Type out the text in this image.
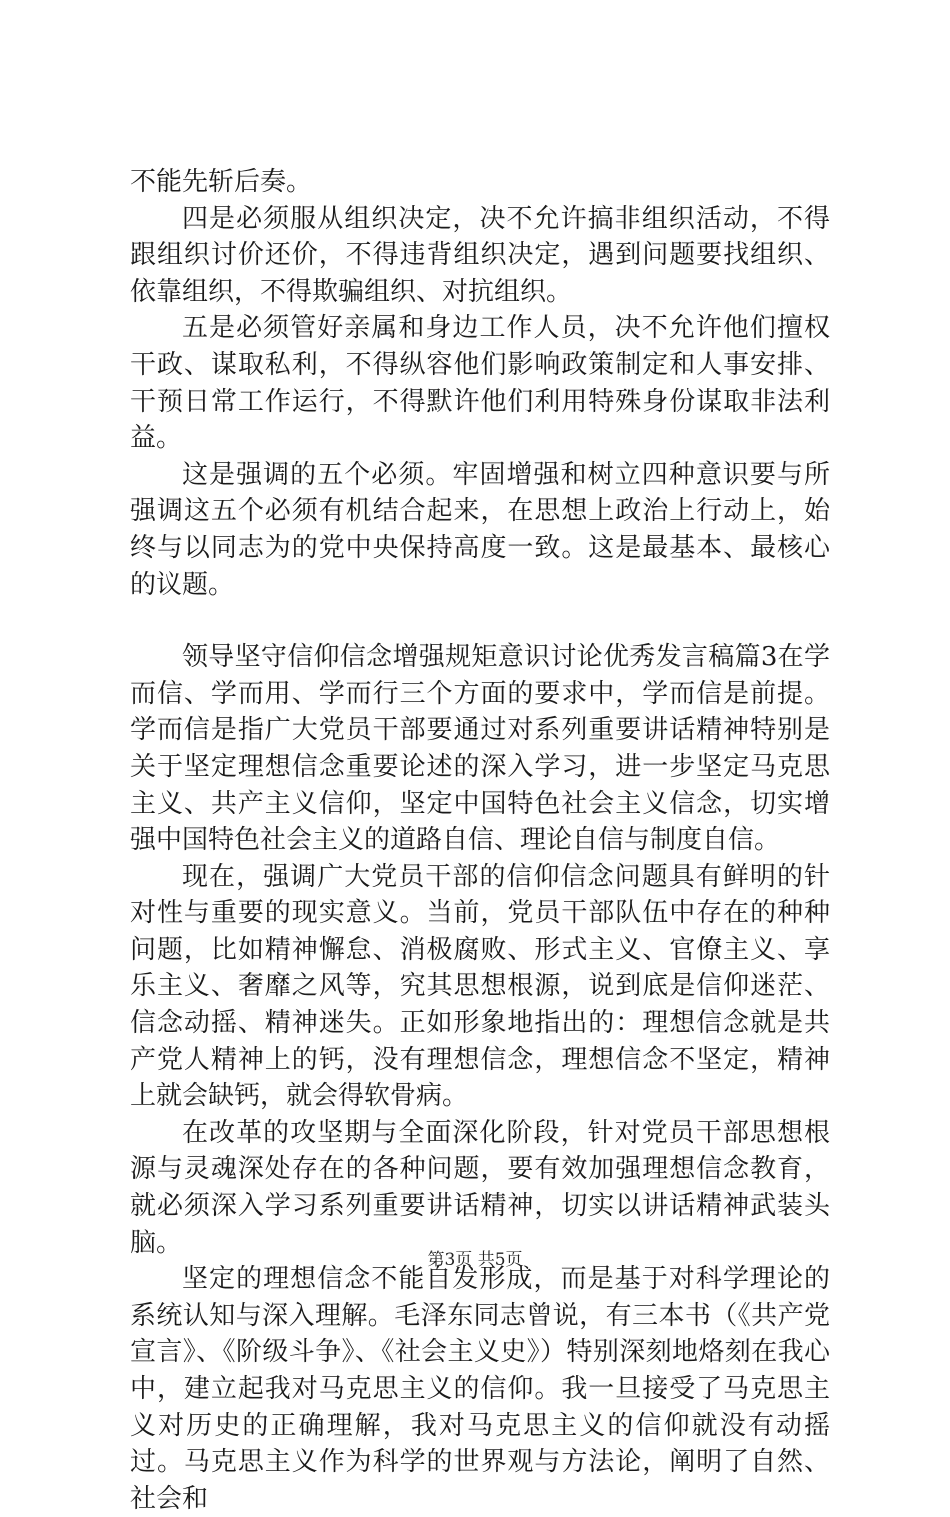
不能先斩后奏。

四是必须服从组织决定，决不允许搞非组织活动，不得跟组织讨价还价，不得违背组织决定，遇到问题要找组织、依靠组织，不得欺骗组织、对抗组织。

五是必须管好亲属和身边工作人员，决不允许他们擅权干政、谋取私利，不得纵容他们影响政策制定和人事安排、干预日常工作运行，不得默许他们利用特殊身份谋取非法利益。

这是强调的五个必须。牢固增强和树立四种意识要与所强调这五个必须有机结合起来，在思想上政治上行动上，始终与以同志为的党中央保持高度一致。这是最基本、最核心的议题。

领导坚守信仰信念增强规矩意识讨论优秀发言稿篇3在学而信、学而用、学而行三个方面的要求中，学而信是前提。学而信是指广大党员干部要通过对系列重要讲话精神特别是关于坚定理想信念重要论述的深入学习，进一步坚定马克思主义、共产主义信仰，坚定中国特色社会主义信念，切实增强中国特色社会主义的道路自信、理论自信与制度自信。

现在，强调广大党员干部的信仰信念问题具有鲜明的针对性与重要的现实意义。当前，党员干部队伍中存在的种种问题，比如精神懈怠、消极腐败、形式主义、官僚主义、享乐主义、奢靡之风等，究其思想根源，说到底是信仰迷茫、信念动摇、精神迷失。正如形象地指出的：理想信念就是共产党人精神上的钙，没有理想信念，理想信念不坚定，精神上就会缺钙，就会得软骨病。

在改革的攻坚期与全面深化阶段，针对党员干部思想根源与灵魂深处存在的各种问题，要有效加强理想信念教育，就必须深入学习系列重要讲话精神，切实以讲话精神武装头脑。

坚定的理想信念不能自发形成，而是基于对科学理论的系统认知与深入理解。毛泽东同志曾说，有三本书（《共产党宣言》、《阶级斗争》、《社会主义史》）特别深刻地烙刻在我心中，建立起我对马克思主义的信仰。我一旦接受了马克思主义对历史的正确理解，我对马克思主义的信仰就没有动摇过。马克思主义作为科学的世界观与方法论，阐明了自然、社会和

第3页 共5页
